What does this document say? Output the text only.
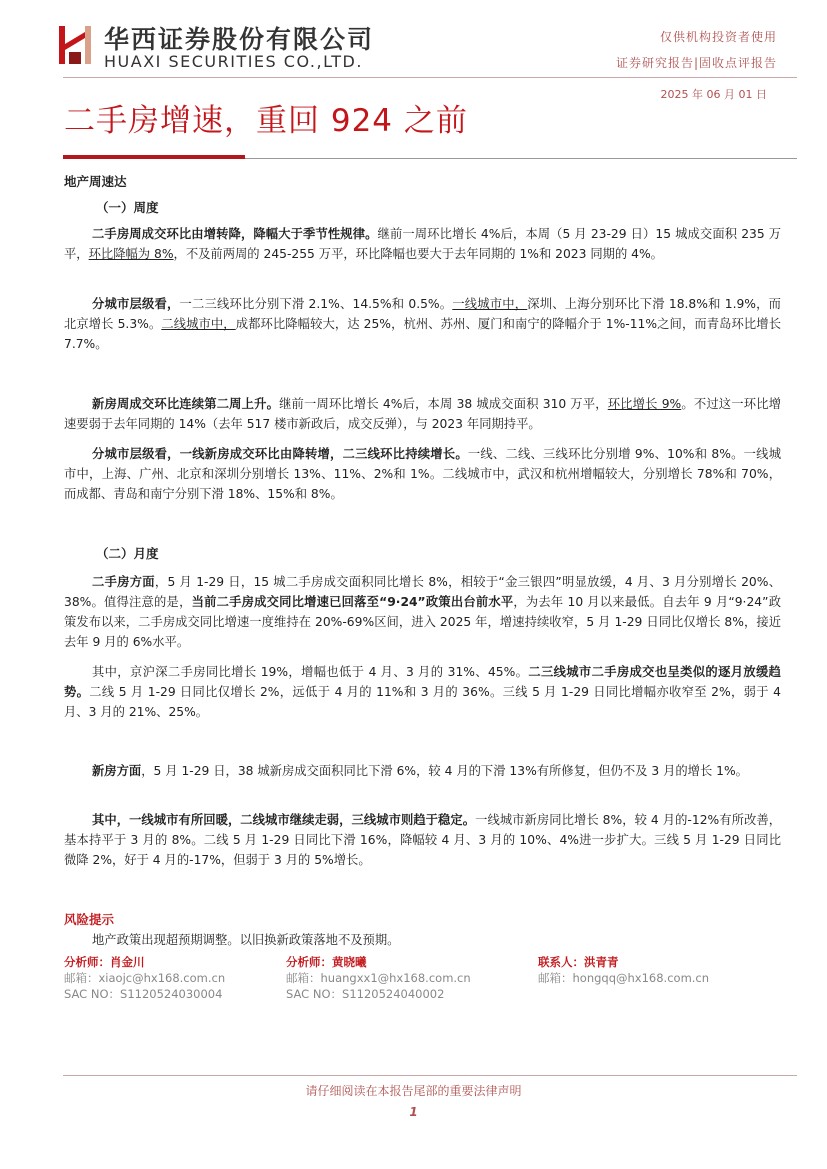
华西证券股份有限公司
HUAXI SECURITIES CO.,LTD.
仅供机构投资者使用
证券研究报告|固收点评报告
2025 年 06 月 01 日
二手房增速，重回 924 之前
地产周速达
（一）周度
二手房周成交环比由增转降，降幅大于季节性规律。继前一周环比增长 4%后，本周（5 月 23-29 日）15 城成交面积 235 万平，环比降幅为 8%，不及前两周的 245-255 万平，环比降幅也要大于去年同期的 1%和 2023 同期的 4%。
分城市层级看，一二三线环比分别下滑 2.1%、14.5%和 0.5%。一线城市中，深圳、上海分别环比下滑 18.8%和 1.9%，而北京增长 5.3%。二线城市中，成都环比降幅较大，达 25%，杭州、苏州、厦门和南宁的降幅介于 1%-11%之间，而青岛环比增长 7.7%。
新房周成交环比连续第二周上升。继前一周环比增长 4%后，本周 38 城成交面积 310 万平，环比增长 9%。不过这一环比增速要弱于去年同期的 14%（去年 517 楼市新政后，成交反弹），与 2023 年同期持平。
分城市层级看，一线新房成交环比由降转增，二三线环比持续增长。一线、二线、三线环比分别增 9%、10%和 8%。一线城市中，上海、广州、北京和深圳分别增长 13%、11%、2%和 1%。二线城市中，武汉和杭州增幅较大，分别增长 78%和 70%，而成都、青岛和南宁分别下滑 18%、15%和 8%。
（二）月度
二手房方面，5 月 1-29 日，15 城二手房成交面积同比增长 8%，相较于“金三银四”明显放缓，4 月、3 月分别增长 20%、38%。值得注意的是，当前二手房成交同比增速已回落至“9·24”政策出台前水平，为去年 10 月以来最低。自去年 9 月“9·24”政策发布以来，二手房成交同比增速一度维持在 20%-69%区间，进入 2025 年，增速持续收窄，5 月 1-29 日同比仅增长 8%，接近去年 9 月的 6%水平。
其中，京沪深二手房同比增长 19%，增幅也低于 4 月、3 月的 31%、45%。二三线城市二手房成交也呈类似的逐月放缓趋势。二线 5 月 1-29 日同比仅增长 2%，远低于 4 月的 11%和 3 月的 36%。三线 5 月 1-29 日同比增幅亦收窄至 2%，弱于 4 月、3 月的 21%、25%。
新房方面，5 月 1-29 日，38 城新房成交面积同比下滑 6%，较 4 月的下滑 13%有所修复，但仍不及 3 月的增长 1%。
其中，一线城市有所回暖，二线城市继续走弱，三线城市则趋于稳定。一线城市新房同比增长 8%，较 4 月的-12%有所改善，基本持平于 3 月的 8%。二线 5 月 1-29 日同比下滑 16%，降幅较 4 月、3 月的 10%、4%进一步扩大。三线 5 月 1-29 日同比微降 2%，好于 4 月的-17%，但弱于 3 月的 5%增长。
风险提示
地产政策出现超预期调整。以旧换新政策落地不及预期。
分析师：肖金川
邮箱：xiaojc@hx168.com.cn
SAC NO：S1120524030004
分析师：黄晓曦
邮箱：huangxx1@hx168.com.cn
SAC NO：S1120524040002
联系人：洪青青
邮箱：hongqq@hx168.com.cn
请仔细阅读在本报告尾部的重要法律声明
1
